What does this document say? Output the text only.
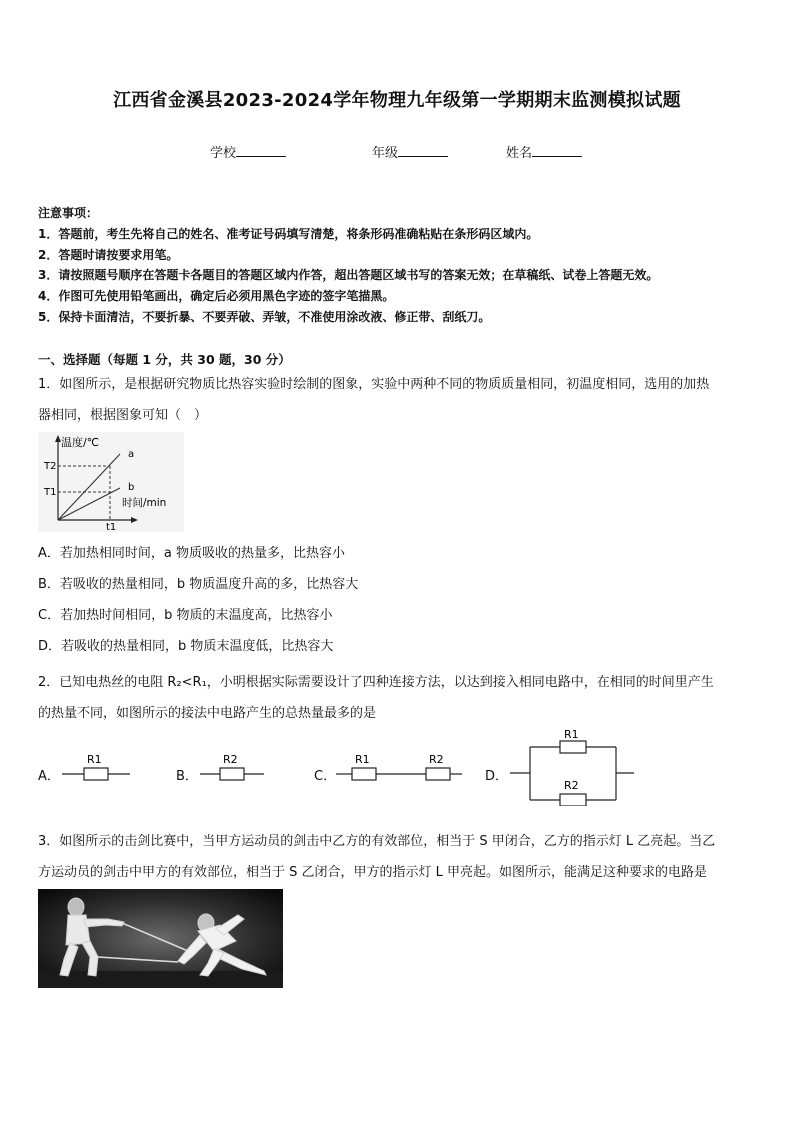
江西省金溪县2023-2024学年物理九年级第一学期期末监测模拟试题
学校	年级	姓名
注意事项：
1．答题前，考生先将自己的姓名、准考证号码填写清楚，将条形码准确粘贴在条形码区域内。
2．答题时请按要求用笔。
3．请按照题号顺序在答题卡各题目的答题区域内作答，超出答题区域书写的答案无效；在草稿纸、试卷上答题无效。
4．作图可先使用铅笔画出，确定后必须用黑色字迹的签字笔描黑。
5．保持卡面清洁，不要折暴、不要弄破、弄皱，不准使用涂改液、修正带、刮纸刀。
一、选择题（每题 1 分，共 30 题，30 分）
1．如图所示，是根据研究物质比热容实验时绘制的图象，实验中两种不同的物质质量相同，初温度相同，选用的加热
器相同，根据图象可知（　）
温度/℃
T2
T1
a
b
时间/min
t1
A．若加热相同时间，a 物质吸收的热量多，比热容小
B．若吸收的热量相同，b 物质温度升高的多，比热容大
C．若加热时间相同，b 物质的末温度高，比热容小
D．若吸收的热量相同，b 物质末温度低，比热容大
2．已知电热丝的电阻 R₂<R₁，小明根据实际需要设计了四种连接方法，以达到接入相同电路中，在相同的时间里产生
的热量不同，如图所示的接法中电路产生的总热量最多的是
A．
R1
B．
R2
C．
R1	R2
D．
R1
R2
3．如图所示的击剑比赛中，当甲方运动员的剑击中乙方的有效部位，相当于 S 甲闭合，乙方的指示灯 L 乙亮起。当乙
方运动员的剑击中甲方的有效部位，相当于 S 乙闭合，甲方的指示灯 L 甲亮起。如图所示，能满足这种要求的电路是
